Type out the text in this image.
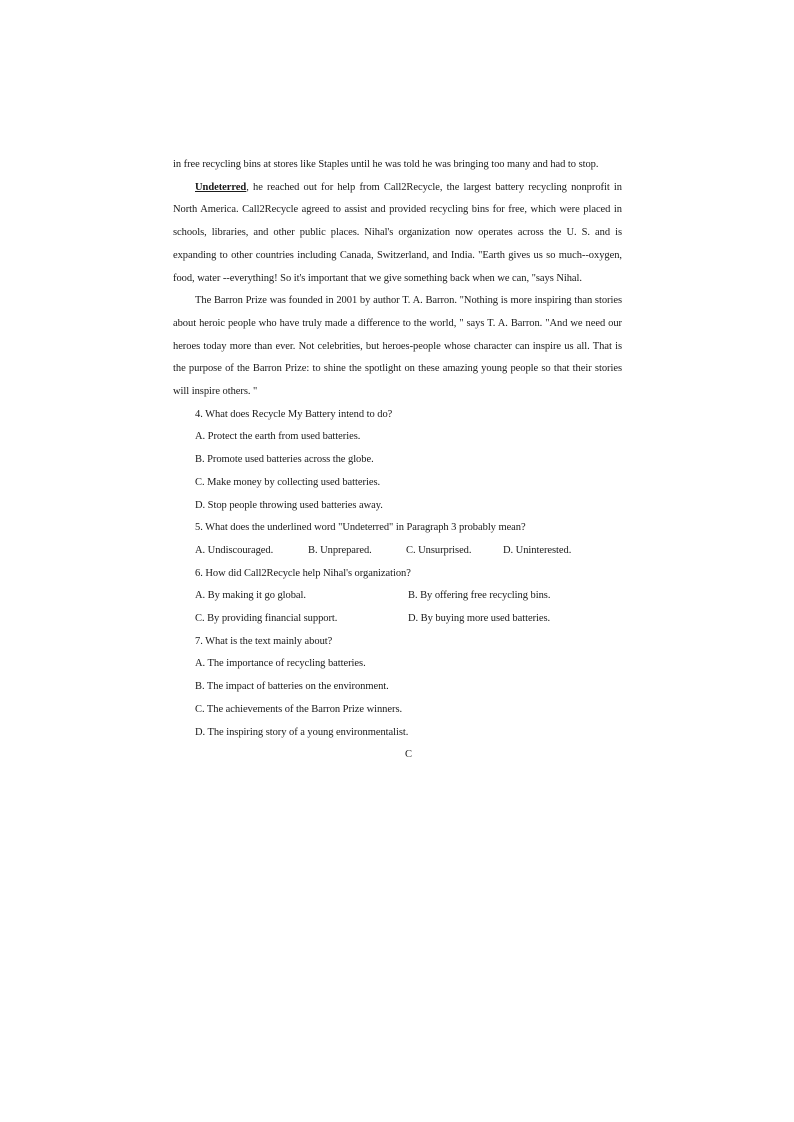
in free recycling bins at stores like Staples until he was told he was bringing too many and had to stop.

Undeterred, he reached out for help from Call2Recycle, the largest battery recycling nonprofit in North America. Call2Recycle agreed to assist and provided recycling bins for free, which were placed in schools, libraries, and other public places. Nihal's organization now operates across the U. S. and is expanding to other countries including Canada, Switzerland, and India. "Earth gives us so much--oxygen, food, water --everything! So it's important that we give something back when we can, "says Nihal.

The Barron Prize was founded in 2001 by author T. A. Barron. "Nothing is more inspiring than stories about heroic people who have truly made a difference to the world, " says T. A. Barron. "And we need our heroes today more than ever. Not celebrities, but heroes-people whose character can inspire us all. That is the purpose of the Barron Prize: to shine the spotlight on these amazing young people so that their stories will inspire others. "

4. What does Recycle My Battery intend to do?

A. Protect the earth from used batteries.

B. Promote used batteries across the globe.

C. Make money by collecting used batteries.

D. Stop people throwing used batteries away.

5. What does the underlined word "Undeterred" in Paragraph 3 probably mean?

A. Undiscouraged.	B. Unprepared.	C. Unsurprised.	D. Uninterested.

6. How did Call2Recycle help Nihal's organization?

A. By making it go global.	B. By offering free recycling bins.
C. By providing financial support.	D. By buying more used batteries.

7. What is the text mainly about?

A. The importance of recycling batteries.

B. The impact of batteries on the environment.

C. The achievements of the Barron Prize winners.

D. The inspiring story of a young environmentalist.

C
